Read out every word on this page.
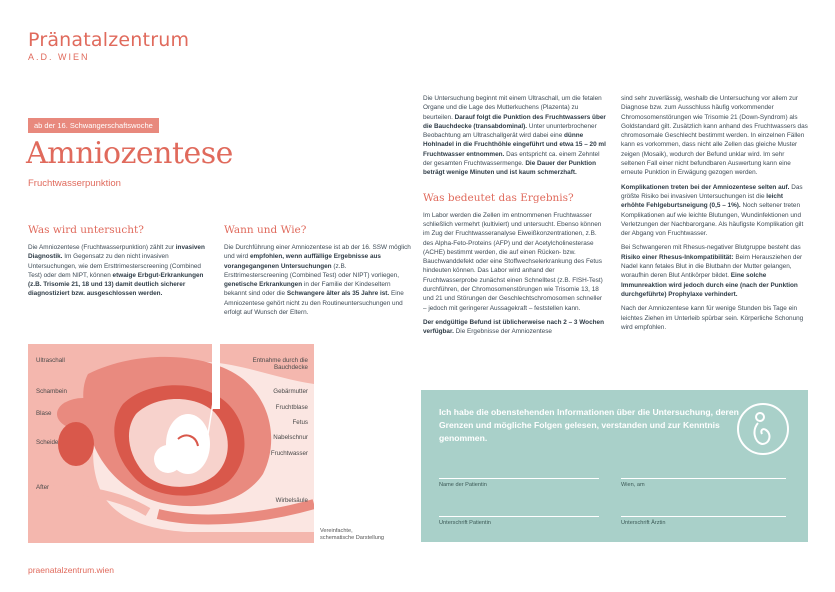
Pränatalzentrum
A.D. WIEN
ab der 16. Schwangerschaftswoche
Amniozentese
Fruchtwasserpunktion
Was wird untersucht?

Die Amniozentese (Fruchtwasserpunktion) zählt zur invasiven Diagnostik. Im Gegensatz zu den nicht invasiven Untersuchungen, wie dem Ersttrimesterscreening (Combined Test) oder dem NIPT, können etwaige Erbgut-Erkrankungen (z.B. Trisomie 21, 18 und 13) damit deutlich sicherer diagnostiziert bzw. ausgeschlossen werden.

Wann und Wie?

Die Durchführung einer Amniozentese ist ab der 16. SSW möglich und wird empfohlen, wenn auffällige Ergebnisse aus vorangegangenen Untersuchungen (z.B. Ersttrimesterscreening (Combined Test) oder NIPT) vorliegen, genetische Erkrankungen in der Familie der Kindeseltern bekannt sind oder die Schwangere älter als 35 Jahre ist. Eine Amniozentese gehört nicht zu den Routineuntersuchungen und erfolgt auf Wunsch der Eltern.

Die Untersuchung beginnt mit einem Ultraschall, um die fetalen Organe und die Lage des Mutterkuchens (Plazenta) zu beurteilen. Darauf folgt die Punktion des Fruchtwassers über die Bauchdecke (transabdominal). Unter ununterbrochener Beobachtung am Ultraschallgerät wird dabei eine dünne Hohlnadel in die Fruchthöhle eingeführt und etwa 15 – 20 ml Fruchtwasser entnommen. Das entspricht ca. einem Zehntel der gesamten Fruchtwassermenge. Die Dauer der Punktion beträgt wenige Minuten und ist kaum schmerzhaft.

Was bedeutet das Ergebnis?

Im Labor werden die Zellen im entnommenen Fruchtwasser schließlich vermehrt (kultiviert) und untersucht. Ebenso können im Zug der Fruchtwasseranalyse Eiweißkonzentrationen, z.B. des Alpha-Feto-Proteins (AFP) und der Acetylcholinesterase (ACHE) bestimmt werden, die auf einen Rücken- bzw. Bauchwanddefekt oder eine Stoffwechselerkrankung des Fetus hindeuten können. Das Labor wird anhand der Fruchtwasserprobe zunächst einen Schnelltest (z.B. FISH-Test) durchführen, der Chromosomenstörungen wie Trisomie 13, 18 und 21 und Störungen der Geschlechtschromosomen schneller – jedoch mit geringerer Aussagekraft – feststellen kann.

Der endgültige Befund ist üblicherweise nach 2 – 3 Wochen verfügbar. Die Ergebnisse der Amniozentese

sind sehr zuverlässig, weshalb die Untersuchung vor allem zur Diagnose bzw. zum Ausschluss häufig vorkommender Chromosomenstörungen wie Trisomie 21 (Down-Syndrom) als Goldstandard gilt. Zusätzlich kann anhand des Fruchtwassers das chromosomale Geschlecht bestimmt werden. In einzelnen Fällen kann es vorkommen, dass nicht alle Zellen das gleiche Muster zeigen (Mosaik), wodurch der Befund unklar wird. Im sehr seltenen Fall einer nicht befundbaren Auswertung kann eine erneute Punktion in Erwägung gezogen werden.

Komplikationen treten bei der Amniozentese selten auf. Das größte Risiko bei invasiven Untersuchungen ist die leicht erhöhte Fehlgeburtsneigung (0,5 – 1%). Noch seltener treten Komplikationen auf wie leichte Blutungen, Wundinfektionen und Verletzungen der Nachbarorgane. Als häufigste Komplikation gilt der Abgang von Fruchtwasser.

Bei Schwangeren mit Rhesus-negativer Blutgruppe besteht das Risiko einer Rhesus-Inkompatibilität: Beim Herausziehen der Nadel kann fetales Blut in die Blutbahn der Mutter gelangen, woraufhin deren Blut Antikörper bildet. Eine solche Immunreaktion wird jedoch durch eine (nach der Punktion durchgeführte) Prophylaxe verhindert.

Nach der Amniozentese kann für wenige Stunden bis Tage ein leichtes Ziehen im Unterleib spürbar sein. Körperliche Schonung wird empfohlen.

Ultraschall
Schambein
Blase
Scheide
After
Entnahme durch die Bauchdecke
Gebärmutter
Fruchtblase
Fetus
Nabelschnur
Fruchtwasser
Wirbelsäule
Vereinfachte,
schematische Darstellung
Ich habe die obenstehenden Informationen über die Untersuchung, deren Grenzen und mögliche Folgen gelesen, verstanden und zur Kenntnis genommen.
Name der Patientin	Wien, am
Unterschrift Patientin	Unterschrift Ärztin
praenatalzentrum.wien
